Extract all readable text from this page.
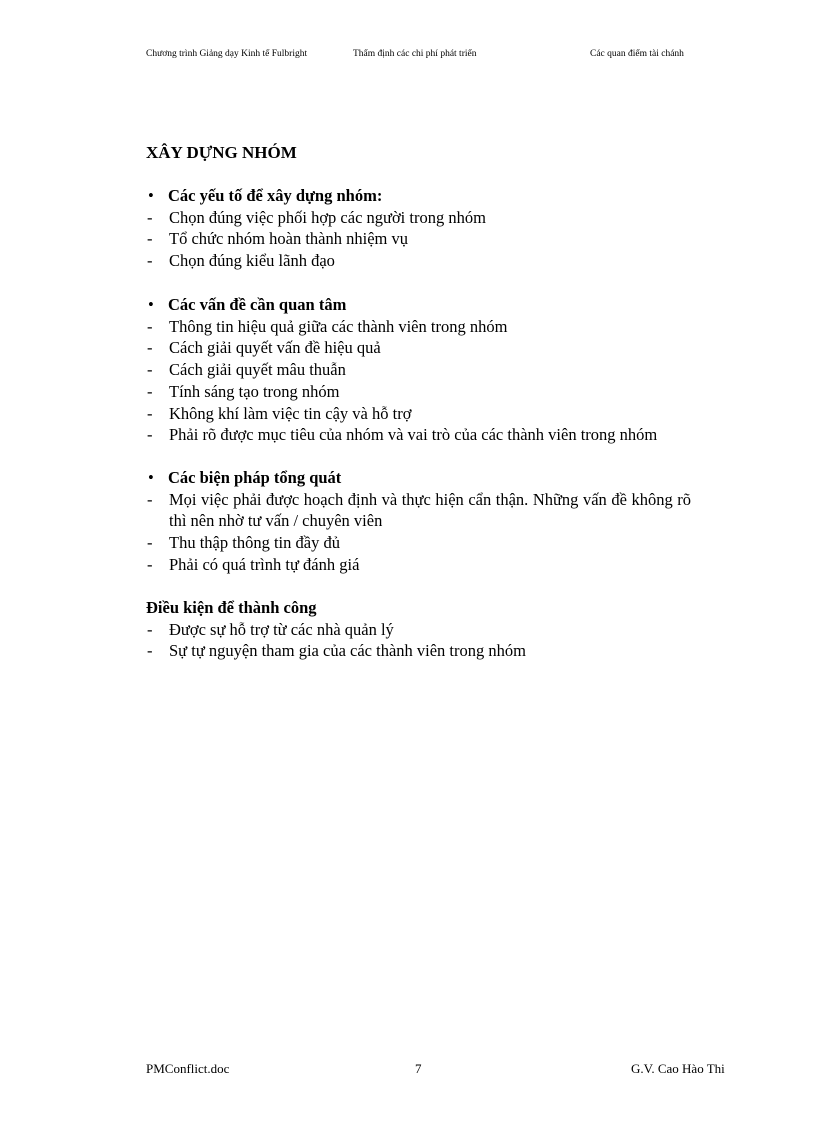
Chương trình Giảng dạy Kinh tế Fulbright	Thẩm định các chi phí phát triển	Các quan điểm tài chánh
XÂY DỰNG NHÓM
• Các yếu tố để xây dựng nhóm:
- Chọn đúng việc phối hợp các người trong nhóm
- Tổ chức nhóm hoàn thành nhiệm vụ
- Chọn đúng kiểu lãnh đạo
• Các vấn đề cần quan tâm
- Thông tin hiệu quả giữa các thành viên trong nhóm
- Cách giải quyết vấn đề hiệu quả
- Cách giải quyết mâu thuẫn
- Tính sáng tạo trong nhóm
- Không khí làm việc tin cậy và hỗ trợ
- Phải rõ được mục tiêu của nhóm và vai trò của các thành viên trong nhóm
• Các biện pháp tổng quát
- Mọi việc phải được hoạch định và thực hiện cẩn thận. Những vấn đề không rõ thì nên nhờ tư vấn / chuyên viên
- Thu thập thông tin đầy đủ
- Phải có quá trình tự đánh giá
Điều kiện để thành công
- Được sự hỗ trợ từ các nhà quản lý
- Sự tự nguyện tham gia của các thành viên trong nhóm
PMConflict.doc	7	G.V. Cao Hào Thi
